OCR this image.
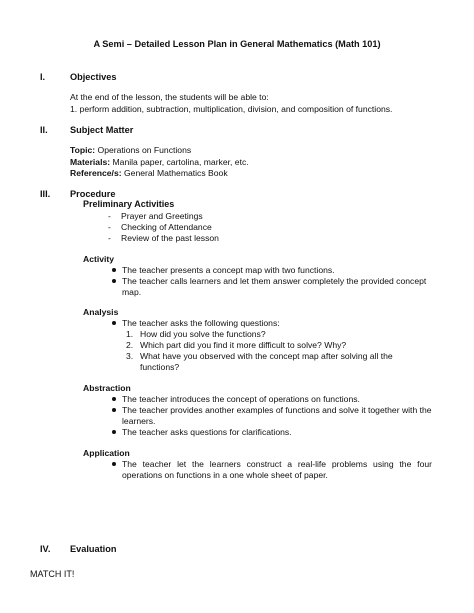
A Semi – Detailed Lesson Plan in General Mathematics (Math 101)
I.	Objectives
At the end of the lesson, the students will be able to:
1. perform addition, subtraction, multiplication, division, and composition of functions.
II. Subject Matter
Topic: Operations on Functions
Materials: Manila paper, cartolina, marker, etc.
Reference/s: General Mathematics Book
III. Procedure
Preliminary Activities
- Prayer and Greetings
- Checking of Attendance
- Review of the past lesson
Activity
The teacher presents a concept map with two functions.
The teacher calls learners and let them answer completely the provided concept map.
Analysis
The teacher asks the following questions:
1. How did you solve the functions?
2. Which part did you find it more difficult to solve? Why?
3. What have you observed with the concept map after solving all the functions?
Abstraction
The teacher introduces the concept of operations on functions.
The teacher provides another examples of functions and solve it together with the learners.
The teacher asks questions for clarifications.
Application
The teacher let the learners construct a real-life problems using the four operations on functions in a one whole sheet of paper.
IV. Evaluation
MATCH IT!
